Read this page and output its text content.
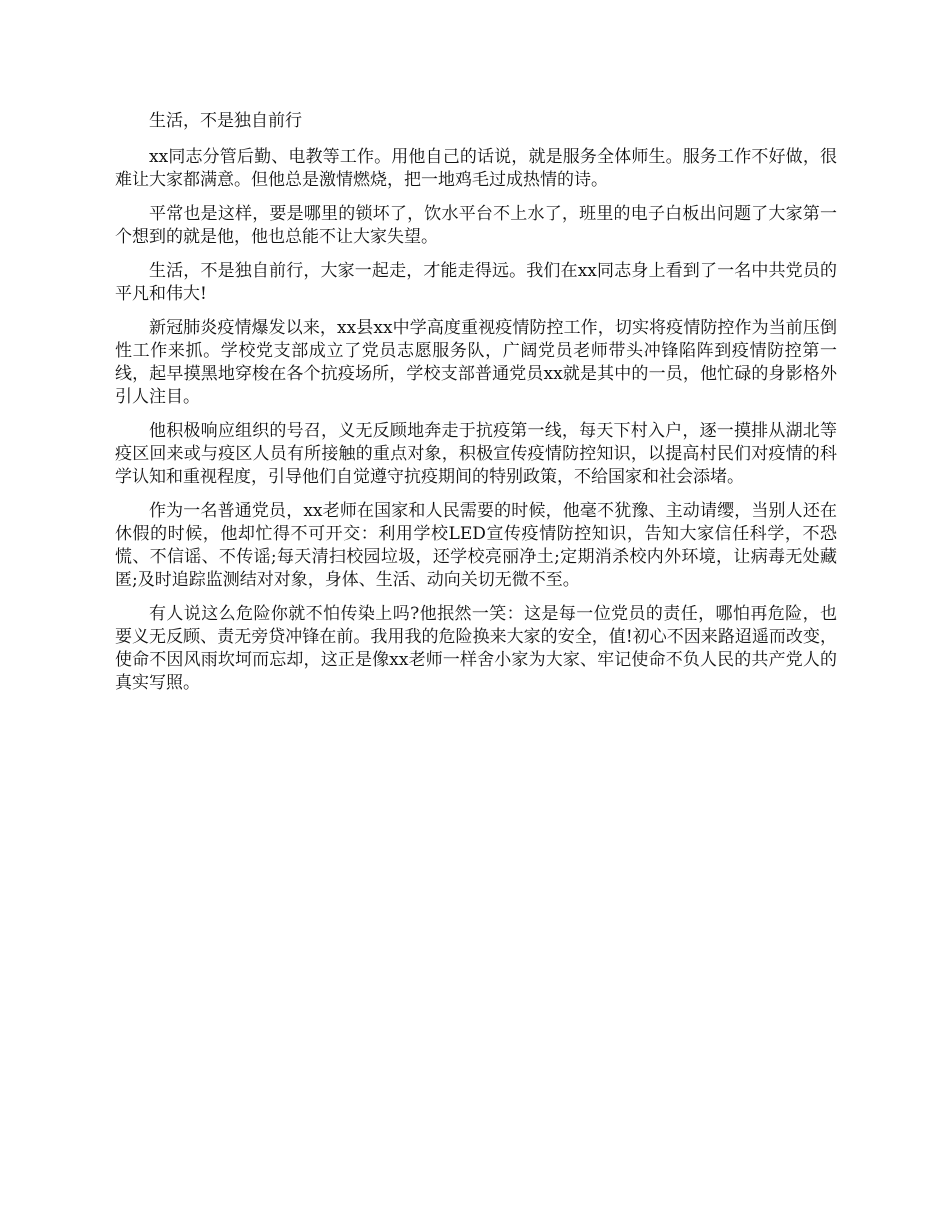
生活，不是独自前行

xx同志分管后勤、电教等工作。用他自己的话说，就是服务全体师生。服务工作不好做，很难让大家都满意。但他总是激情燃烧，把一地鸡毛过成热情的诗。

平常也是这样，要是哪里的锁坏了，饮水平台不上水了，班里的电子白板出问题了大家第一个想到的就是他，他也总能不让大家失望。

生活，不是独自前行，大家一起走，才能走得远。我们在xx同志身上看到了一名中共党员的平凡和伟大!

新冠肺炎疫情爆发以来，xx县xx中学高度重视疫情防控工作，切实将疫情防控作为当前压倒性工作来抓。学校党支部成立了党员志愿服务队，广阔党员老师带头冲锋陷阵到疫情防控第一线，起早摸黑地穿梭在各个抗疫场所，学校支部普通党员xx就是其中的一员，他忙碌的身影格外引人注目。

他积极响应组织的号召，义无反顾地奔走于抗疫第一线，每天下村入户，逐一摸排从湖北等疫区回来或与疫区人员有所接触的重点对象，积极宣传疫情防控知识，以提高村民们对疫情的科学认知和重视程度，引导他们自觉遵守抗疫期间的特别政策，不给国家和社会添堵。

作为一名普通党员，xx老师在国家和人民需要的时候，他毫不犹豫、主动请缨，当别人还在休假的时候，他却忙得不可开交：利用学校LED宣传疫情防控知识，告知大家信任科学，不恐慌、不信谣、不传谣;每天清扫校园垃圾，还学校亮丽净土;定期消杀校内外环境，让病毒无处藏匿;及时追踪监测结对对象，身体、生活、动向关切无微不至。

有人说这么危险你就不怕传染上吗?他抿然一笑：这是每一位党员的责任，哪怕再危险，也要义无反顾、责无旁贷冲锋在前。我用我的危险换来大家的安全，值!初心不因来路迢遥而改变，使命不因风雨坎坷而忘却，这正是像xx老师一样舍小家为大家、牢记使命不负人民的共产党人的真实写照。
